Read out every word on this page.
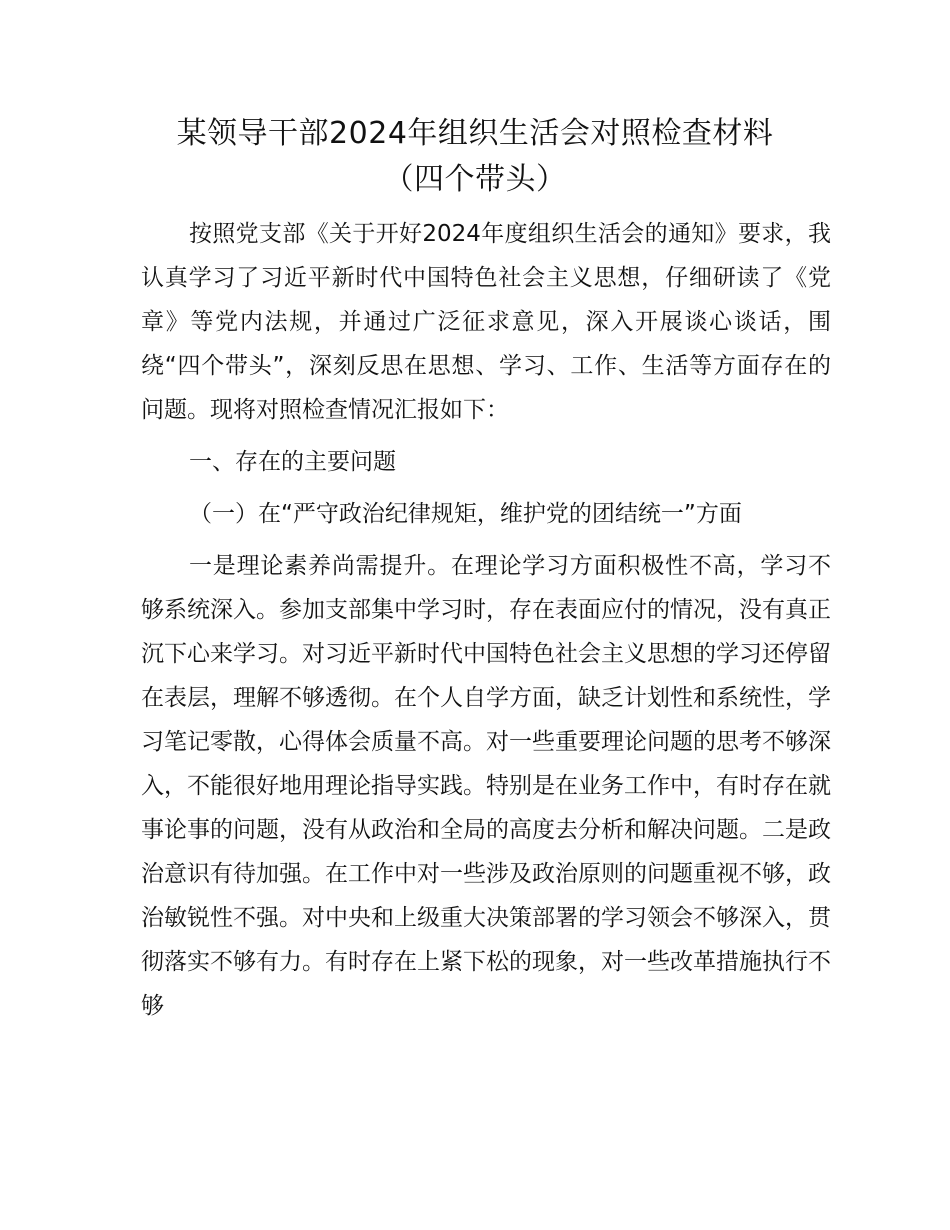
某领导干部2024年组织生活会对照检查材料
（四个带头）

按照党支部《关于开好2024年度组织生活会的通知》要求，我认真学习了习近平新时代中国特色社会主义思想，仔细研读了《党章》等党内法规，并通过广泛征求意见，深入开展谈心谈话，围绕“四个带头”，深刻反思在思想、学习、工作、生活等方面存在的问题。现将对照检查情况汇报如下：

一、存在的主要问题

（一）在“严守政治纪律规矩，维护党的团结统一”方面

一是理论素养尚需提升。在理论学习方面积极性不高，学习不够系统深入。参加支部集中学习时，存在表面应付的情况，没有真正沉下心来学习。对习近平新时代中国特色社会主义思想的学习还停留在表层，理解不够透彻。在个人自学方面，缺乏计划性和系统性，学习笔记零散，心得体会质量不高。对一些重要理论问题的思考不够深入，不能很好地用理论指导实践。特别是在业务工作中，有时存在就事论事的问题，没有从政治和全局的高度去分析和解决问题。二是政治意识有待加强。在工作中对一些涉及政治原则的问题重视不够，政治敏锐性不强。对中央和上级重大决策部署的学习领会不够深入，贯彻落实不够有力。有时存在上紧下松的现象，对一些改革措施执行不够
